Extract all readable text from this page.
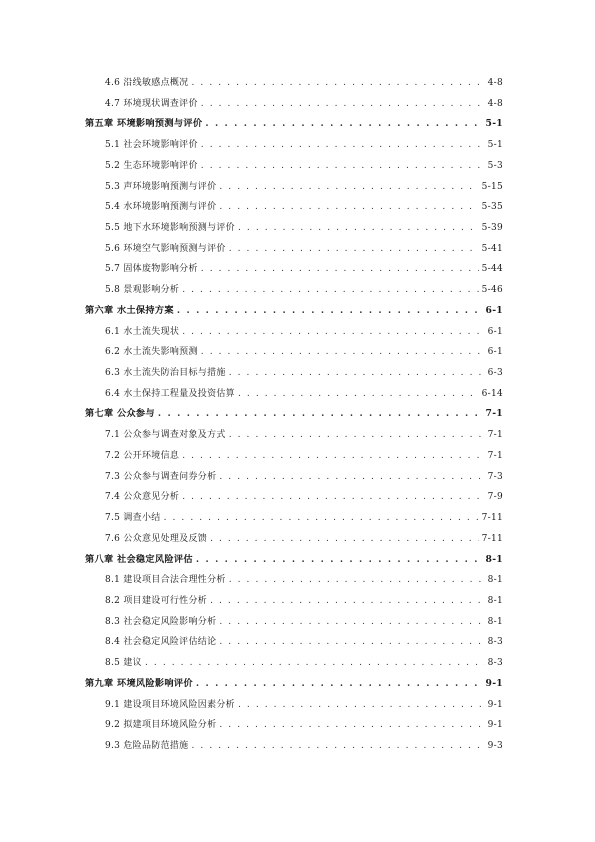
4.6 沿线敏感点概况 . . .	4-8
4.7 环境现状调查评价 . . .	4-8
第五章 环境影响预测与评价 . . .	5-1
5.1 社会环境影响评价 . . .	5-1
5.2 生态环境影响评价 . . .	5-3
5.3 声环境影响预测与评价 . . .	5-15
5.4 水环境影响预测与评价 . . .	5-35
5.5 地下水环境影响预测与评价 . . .	5-39
5.6 环境空气影响预测与评价 . . .	5-41
5.7 固体废物影响分析 . . .	5-44
5.8 景观影响分析 . . .	5-46
第六章 水土保持方案 . . .	6-1
6.1 水土流失现状 . . .	6-1
6.2 水土流失影响预测 . . .	6-1
6.3 水土流失防治目标与措施 . . .	6-3
6.4 水土保持工程量及投资估算 . . .	6-14
第七章 公众参与 . . .	7-1
7.1 公众参与调查对象及方式 . . .	7-1
7.2 公开环境信息 . . .	7-1
7.3 公众参与调查问券分析 . . .	7-3
7.4 公众意见分析 . . .	7-9
7.5 调查小结 . . .	7-11
7.6 公众意见处理及反馈 . . .	7-11
第八章 社会稳定风险评估 . . .	8-1
8.1 建设项目合法合理性分析 . . .	8-1
8.2 项目建设可行性分析 . . .	8-1
8.3 社会稳定风险影响分析 . . .	8-1
8.4 社会稳定风险评估结论 . . .	8-3
8.5 建议 . . .	8-3
第九章 环境风险影响评价 . . .	9-1
9.1 建设项目环境风险因素分析 . . .	9-1
9.2 拟建项目环境风险分析 . . .	9-1
9.3 危险品防范措施 . . .	9-3
